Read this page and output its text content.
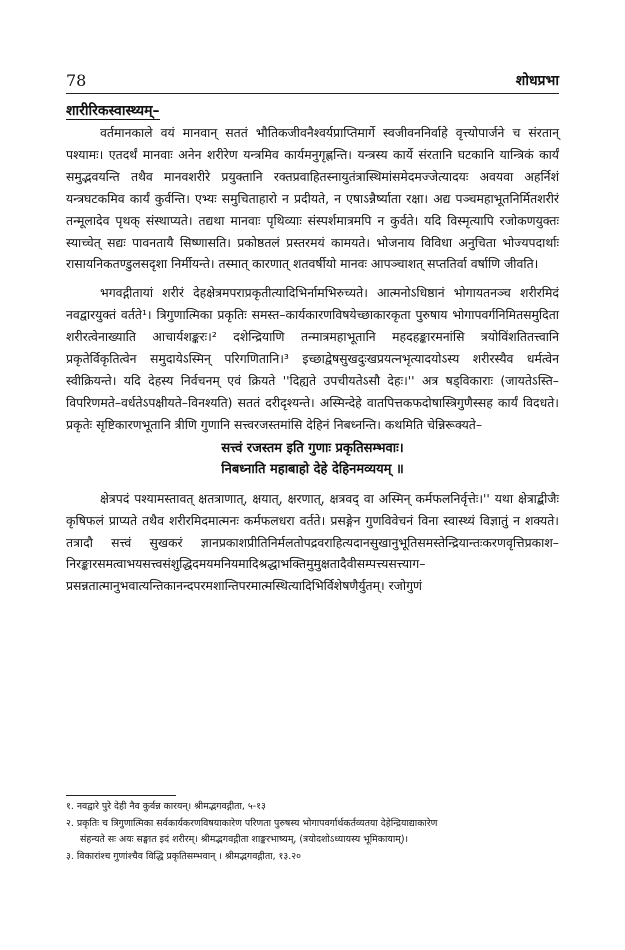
78	शोधप्रभा

शारीरिकस्वास्थ्यम्–

वर्तमानकाले वयं मानवान् सततं भौतिकजीवनैश्वर्यप्राप्तिमार्गे स्वजीवननिर्वाहे वृत्त्योपार्जने च संरतान् पश्यामः। एतदर्थं मानवाः अनेन शरीरेण यन्त्रमिव कार्यमनुगृह्णन्ति। यन्त्रस्य कार्ये संरतानि घटकानि यान्त्रिकं कार्यं समुद्भवयन्ति तथैव मानवशरीरे प्रयुक्तानि रक्तप्रवाहितस्नायुतंत्रास्थिमांसमेदमज्जेत्यादयः अवयवा अहर्निशं यन्त्रघटकमिव कार्यं कुर्वन्ति। एभ्यः समुचिताहारो न प्रदीयते, न एषाऽन्नैर्ष्याता रक्षा। अद्य पञ्चमहाभूतनिर्मितशरीरं तन्मूलादेव पृथक् संस्थाप्यते। तद्यथा मानवाः पृथिव्याः संस्पर्शमात्रमपि न कुर्वते। यदि विस्मृत्यापि रजोकणयुक्तः स्याच्चेत् सद्यः पावनतायै सिष्णासति। प्रकोष्ठतलं प्रस्तरमयं कामयते। भोजनाय विविधा अनुचिता भोज्यपदार्थाः रासायनिकतण्डुलसदृशा निर्मीयन्ते। तस्मात् कारणात् शतवर्षीयो मानवः आपञ्चाशत् सप्ततिर्वा वर्षाणि जीवति।

भगवद्गीतायां शरीरं देहक्षेत्रमपराप्रकृतीत्यादिभिर्नामभिरुच्यते। आत्मनोऽधिष्ठानं भोगायतनञ्च शरीरमिदं नवद्वारयुक्तं वर्तते¹। त्रिगुणात्मिका प्रकृतिः समस्त–कार्यकारणविषयेच्छाकारकृता पुरुषाय भोगापवर्गनिमितसमुदिता शरीरत्वेनाख्याति आचार्यशङ्करः।² दशेन्द्रियाणि तन्मात्रमहाभूतानि महदहङ्कारमनांसि त्रयोविंशतितत्त्वानि प्रकृतेर्विकृतित्वेन समुदायेऽस्मिन् परिगणितानि।³ इच्छाद्वेषसुखदुःखप्रयत्नभृत्यादयोऽस्य शरीरस्यैव धर्मत्वेन स्वीक्रियन्ते। यदि देहस्य निर्वचनम् एवं क्रियते ''दिह्यते उपचीयतेऽसौ देहः।'' अत्र षड्विकाराः (जायतेऽस्ति–विपरिणमते–वर्धतेऽपक्षीयते–विनश्यति) सततं दरीदृश्यन्ते। अस्मिन्देहे वातपित्तकफदोषास्त्रिगुणैस्सह कार्यं विदधते। प्रकृतेः सृष्टिकारणभूतानि त्रीणि गुणानि सत्त्वरजस्तमांसि देहिनं निबध्नन्ति। कथमिति चेन्निरूक्यते–

सत्त्वं रजस्तम इति गुणाः प्रकृतिसम्भवाः।
निबध्नाति महाबाहो देहे देहिनमव्ययम् ॥

क्षेत्रपदं पश्यामस्तावत् क्षतत्राणात्, क्षयात्, क्षरणात्, क्षत्रवद् वा अस्मिन् कर्मफलनिर्वृत्तेः।'' यथा क्षेत्राद्बीजैः कृषिफलं प्राप्यते तथैव शरीरमिदमात्मनः कर्मफलधरा वर्तते। प्रसङ्गेन गुणविवेचनं विना स्वास्थ्यं विज्ञातुं न शक्यते। तत्रादौ सत्त्वं सुखकरं ज्ञानप्रकाशप्रीतिनिर्मलतोपद्रवराहित्यदानसुखानुभूतिसमस्तेन्द्रियान्तःकरणवृत्तिप्रकाश–निरङ्कारसमत्वाभयसत्त्वसंशुद्धिदमयमनियमादिश्रद्धाभक्तिमुमुक्षतादैवीसम्पत्त्यसत्त्याग–प्रसन्नतात्मानुभवात्यन्तिकानन्दपरमशान्तिपरमात्मस्थित्यादिभिर्विशेषणैर्युतम्। रजोगुणं

१. नवद्वारे पुरे देही नैव कुर्वन्न कारयन्। श्रीमद्भगवद्गीता, ५-१३

२. प्रकृतिः च त्रिगुणात्मिका सर्वकार्यकरणविषयाकारेण परिणता पुरुषस्य भोगापवर्गार्थकर्तव्यतया देहेन्द्रियाद्याकारेण
संहन्यते सः अयः सङ्घात इदं शरीरम्। श्रीमद्भगवद्गीता शाङ्करभाष्यम्, (त्रयोदशोऽध्यायस्य भूमिकायाम्)।

३. विकारांश्च गुणांश्चैव विद्धि प्रकृतिसम्भवान् । श्रीमद्भगवद्गीता, १३.२०
